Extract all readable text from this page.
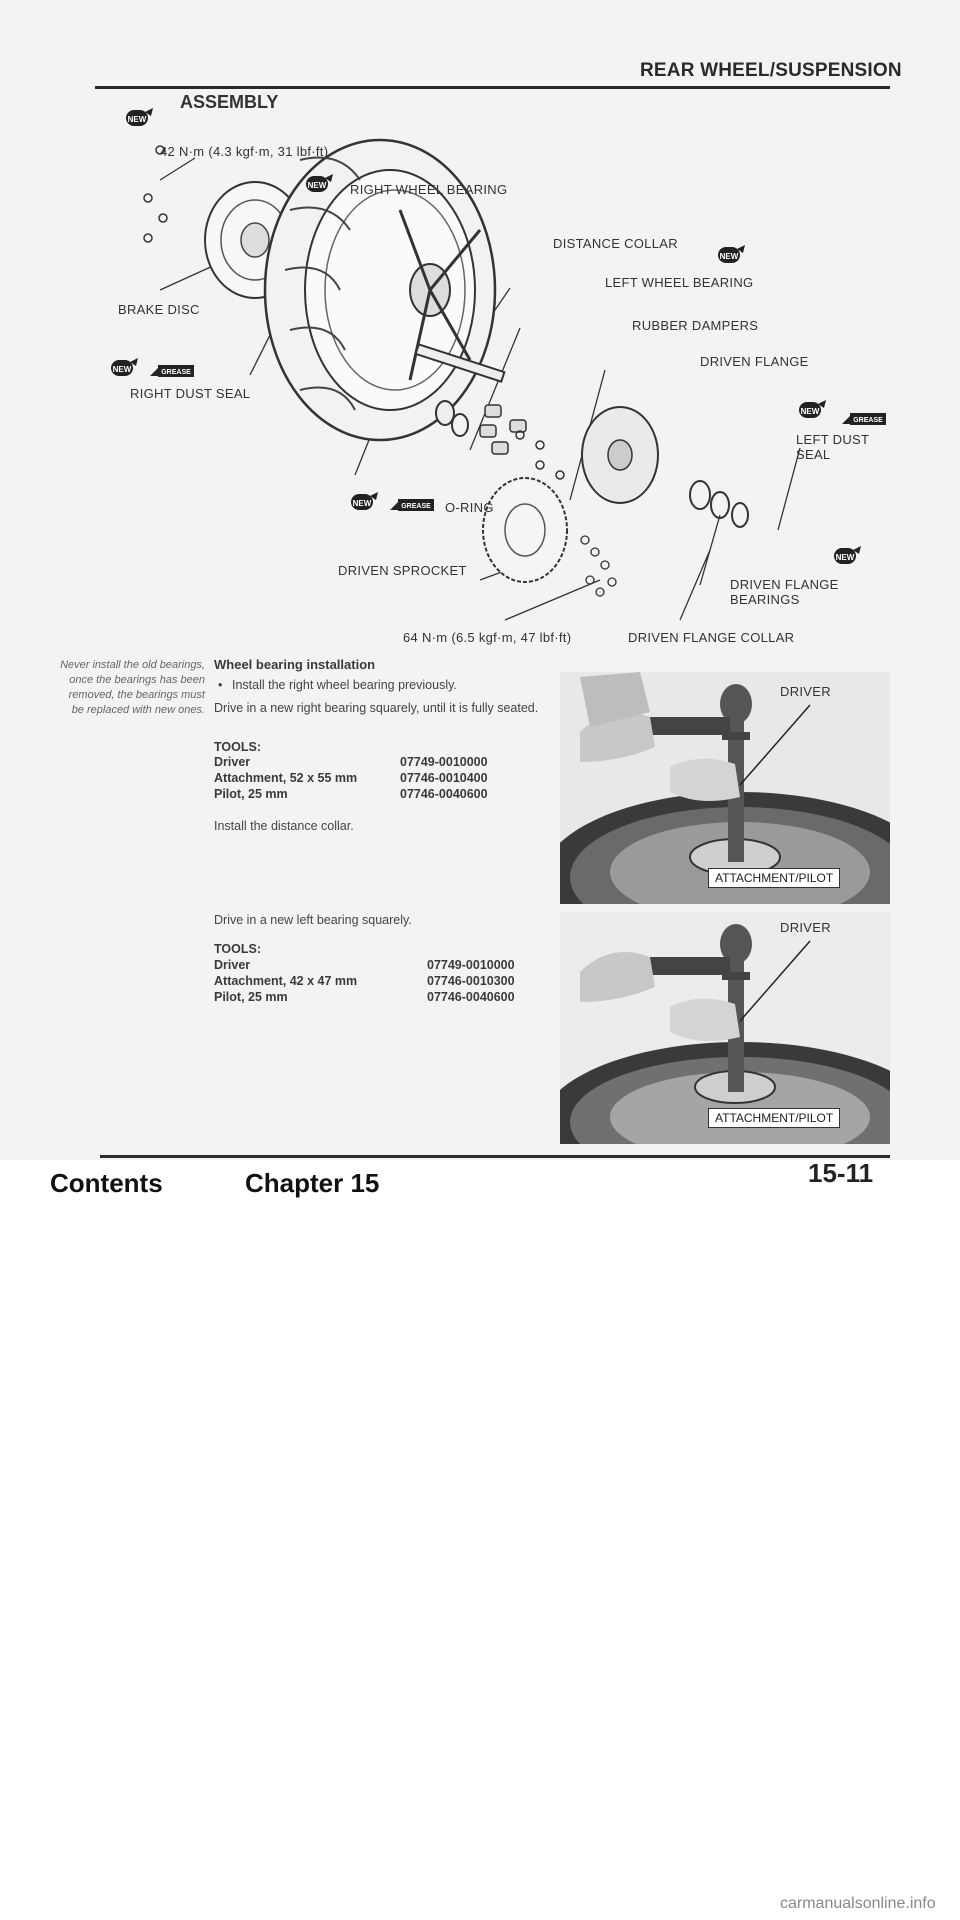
REAR WHEEL/SUSPENSION
ASSEMBLY
NEW
NEW
NEW
NEW
NEW
NEW
NEW
GREASE
GREASE
GREASE
42 N·m (4.3 kgf·m, 31 lbf·ft)
RIGHT WHEEL BEARING
DISTANCE COLLAR
LEFT WHEEL BEARING
BRAKE DISC
RUBBER DAMPERS
DRIVEN FLANGE
RIGHT DUST SEAL
LEFT DUST SEAL
O-RING
DRIVEN SPROCKET
DRIVEN FLANGE BEARINGS
64 N·m (6.5 kgf·m, 47 lbf·ft)	DRIVEN FLANGE COLLAR
Never install the old bearings, once the bearings has been removed, the bearings must be replaced with new ones.
Wheel bearing installation
• Install the right wheel bearing previously.
Drive in a new right bearing squarely, until it is fully seated.
TOOLS:
Driver	07749-0010000
Attachment, 52 x 55 mm	07746-0010400
Pilot, 25 mm	07746-0040600
Install the distance collar.
Drive in a new left bearing squarely.
TOOLS:
Driver	07749-0010000
Attachment, 42 x 47 mm	07746-0010300
Pilot, 25 mm	07746-0040600
ATTACHMENT/PILOT
DRIVER
ATTACHMENT/PILOT
DRIVER
Contents	Chapter 15	15-11
carmanualsonline.info
